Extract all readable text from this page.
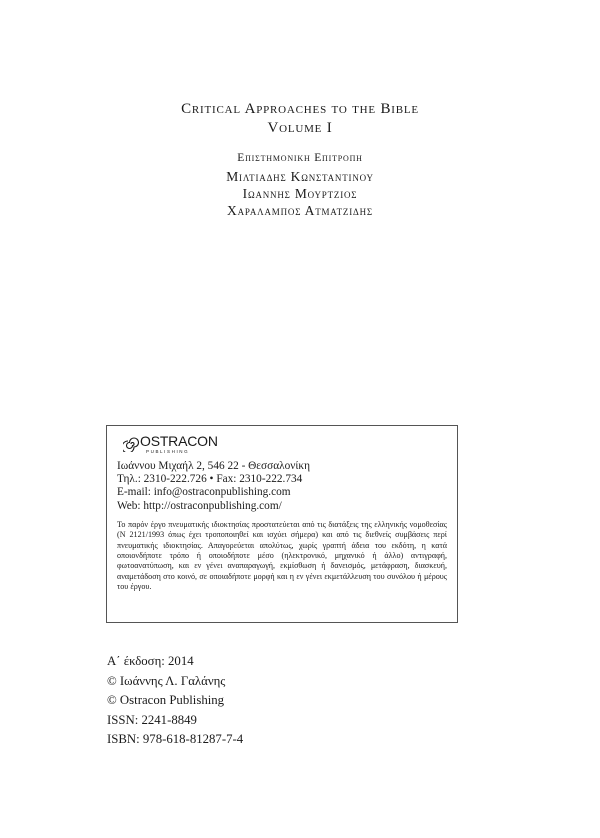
Critical Approaches to the Bible
Volume I
Επιστημονικη Επιτροπη
Μιλτιαδης Κωνσταντινου
Ιωαννης Μουρτζιος
Χαραλαμπος Ατματζιδης
OSTRACON
PUBLISHING
Ιωάννου Μιχαήλ 2, 546 22 - Θεσσαλονίκη
Τηλ.: 2310-222.726 • Fax: 2310-222.734
E-mail: info@ostraconpublishing.com
Web: http://ostraconpublishing.com/
Το παρόν έργο πνευματικής ιδιοκτησίας προστατεύεται από τις διατάξεις της ελληνικής νομοθεσίας (Ν 2121/1993 όπως έχει τροποποιηθεί και ισχύει σήμερα) και από τις διεθνείς συμβάσεις περί πνευματικής ιδιοκτησίας. Απαγορεύεται απολύτως, χωρίς γραπτή άδεια του εκδότη, η κατά οποιονδήποτε τρόπο ή οποιοδήποτε μέσο (ηλεκτρονικό, μηχανικό ή άλλο) αντιγραφή, φωτοανατύπωση, και εν γένει αναπαραγωγή, εκμίσθωση ή δανεισμός, μετάφραση, διασκευή, αναμετάδοση στο κοινό, σε οποιαδήποτε μορφή και η εν γένει εκμετάλλευση του συνόλου ή μέρους του έργου.
Α΄ έκδοση: 2014
© Ιωάννης Λ. Γαλάνης
© Ostracon Publishing
ISSN: 2241-8849
ISBN: 978-618-81287-7-4
